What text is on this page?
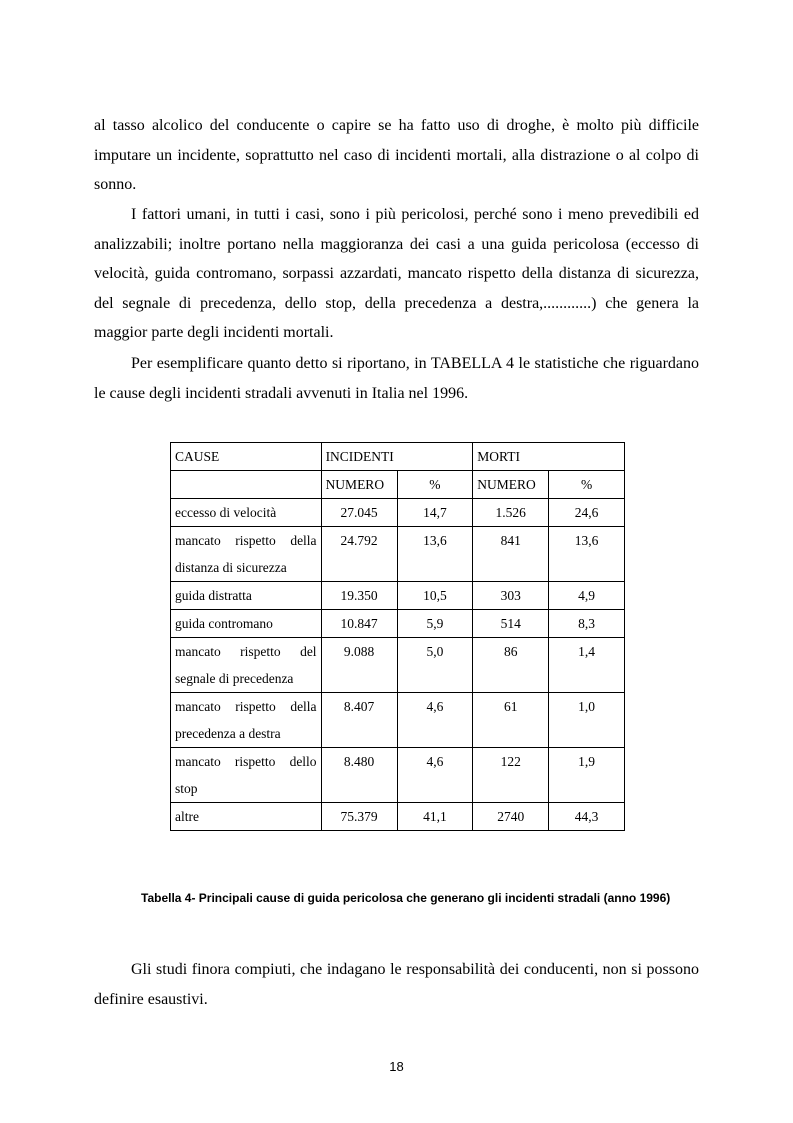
al tasso alcolico del conducente o capire se ha fatto uso di droghe, è molto più difficile imputare un incidente, soprattutto nel caso di incidenti mortali, alla distrazione o al colpo di sonno.

I fattori umani, in tutti i casi, sono i più pericolosi, perché sono i meno prevedibili ed analizzabili; inoltre portano nella maggioranza dei casi a una guida pericolosa (eccesso di velocità, guida contromano, sorpassi azzardati, mancato rispetto della distanza di sicurezza, del segnale di precedenza, dello stop, della precedenza a destra,............) che genera la maggior parte degli incidenti mortali.

Per esemplificare quanto detto si riportano, in TABELLA 4 le statistiche che riguardano le cause degli incidenti stradali avvenuti in Italia nel 1996.

CAUSE	INCIDENTI		MORTI	
	NUMERO	%	NUMERO	%
eccesso di velocità	27.045	14,7	1.526	24,6
mancato rispetto della distanza di sicurezza	24.792	13,6	841	13,6
guida distratta	19.350	10,5	303	4,9
guida contromano	10.847	5,9	514	8,3
mancato rispetto del segnale di precedenza	9.088	5,0	86	1,4
mancato rispetto della precedenza a destra	8.407	4,6	61	1,0
mancato rispetto dello stop	8.480	4,6	122	1,9
altre	75.379	41,1	2740	44,3

Tabella 4- Principali cause di guida pericolosa che generano gli incidenti stradali (anno 1996)

Gli studi finora compiuti, che indagano le responsabilità dei conducenti, non si possono definire esaustivi.

18
